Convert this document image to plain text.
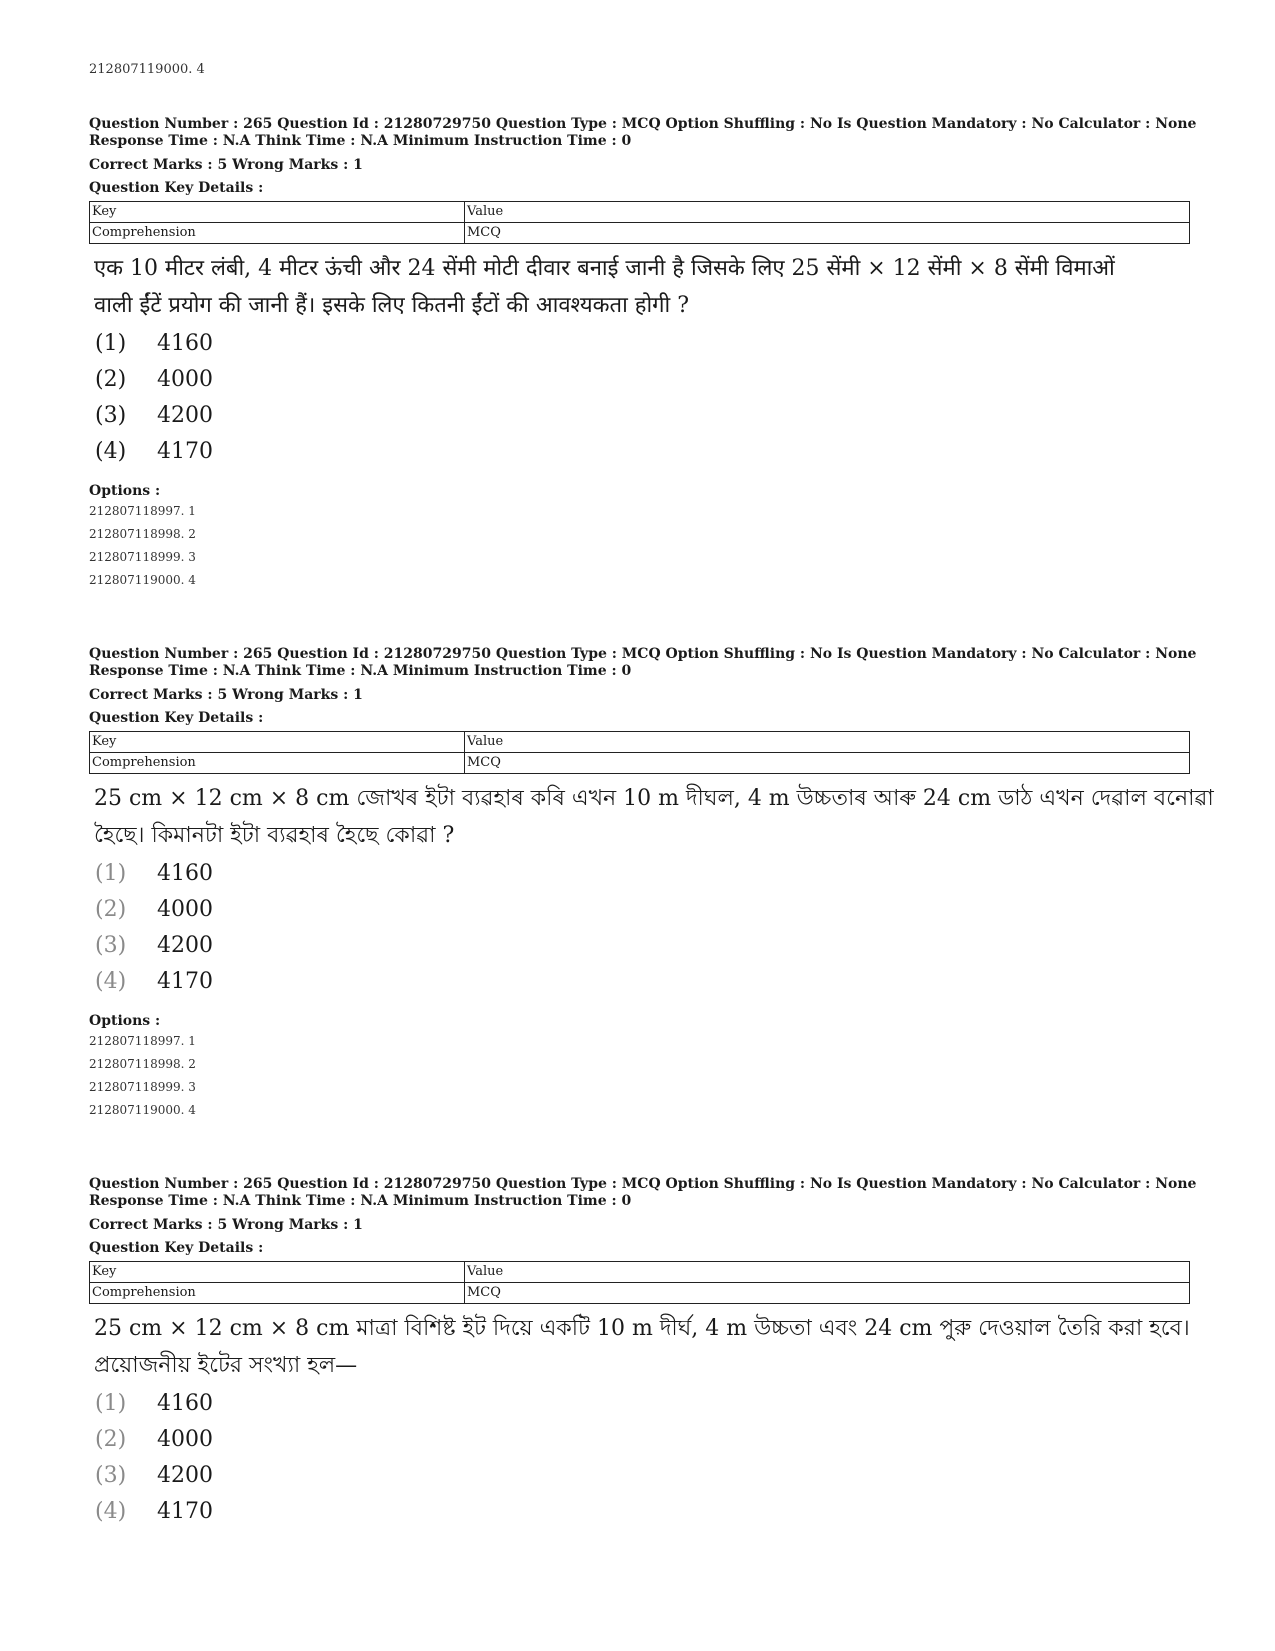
212807119000. 4
Question Number : 265 Question Id : 21280729750 Question Type : MCQ Option Shuffling : No Is Question Mandatory : No Calculator : None
Response Time : N.A Think Time : N.A Minimum Instruction Time : 0
Correct Marks : 5 Wrong Marks : 1
Question Key Details :
Key	Value
Comprehension	MCQ
एक 10 मीटर लंबी, 4 मीटर ऊंची और 24 सेंमी मोटी दीवार बनाई जानी है जिसके लिए 25 सेंमी × 12 सेंमी × 8 सेंमी विमाओं
वाली ईंटें प्रयोग की जानी हैं। इसके लिए कितनी ईंटों की आवश्यकता होगी ?
(1)	4160
(2)	4000
(3)	4200
(4)	4170
Options :
212807118997. 1
212807118998. 2
212807118999. 3
212807119000. 4
Question Number : 265 Question Id : 21280729750 Question Type : MCQ Option Shuffling : No Is Question Mandatory : No Calculator : None
Response Time : N.A Think Time : N.A Minimum Instruction Time : 0
Correct Marks : 5 Wrong Marks : 1
Question Key Details :
Key	Value
Comprehension	MCQ
25 cm × 12 cm × 8 cm জোখৰ ইটা ব্যৱহাৰ কৰি এখন 10 m দীঘল, 4 m উচ্চতাৰ আৰু 24 cm ডাঠ এখন দেৱাল বনোৱা
হৈছে। কিমানটা ইটা ব্যৱহাৰ হৈছে কোৱা ?
(1)	4160
(2)	4000
(3)	4200
(4)	4170
Options :
212807118997. 1
212807118998. 2
212807118999. 3
212807119000. 4
Question Number : 265 Question Id : 21280729750 Question Type : MCQ Option Shuffling : No Is Question Mandatory : No Calculator : None
Response Time : N.A Think Time : N.A Minimum Instruction Time : 0
Correct Marks : 5 Wrong Marks : 1
Question Key Details :
Key	Value
Comprehension	MCQ
25 cm × 12 cm × 8 cm মাত্রা বিশিষ্ট ইট দিয়ে একটি 10 m দীর্ঘ, 4 m উচ্চতা এবং 24 cm পুরু দেওয়াল তৈরি করা হবে।
প্রয়োজনীয় ইটের সংখ্যা হল—
(1)	4160
(2)	4000
(3)	4200
(4)	4170
